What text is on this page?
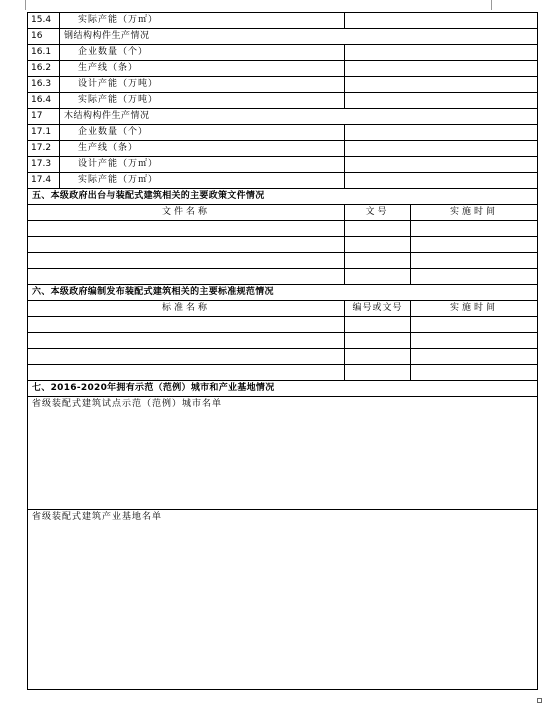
15.4	实际产能（万㎡）		
16	钢结构构件生产情况		
16.1	企业数量（个）		
16.2	生产线（条）		
16.3	设计产能（万吨）		
16.4	实际产能（万吨）		
17	木结构构件生产情况		
17.1	企业数量（个）		
17.2	生产线（条）		
17.3	设计产能（万㎡）		
17.4	实际产能（万㎡）		
五、本级政府出台与装配式建筑相关的主要政策文件情况			
文件名称		文号	实施时间

六、本级政府编制发布装配式建筑相关的主要标准规范情况			
标准名称		编号或文号	实施时间

七、2016-2020年拥有示范（范例）城市和产业基地情况			
省级装配式建筑试点示范（范例）城市名单			
省级装配式建筑产业基地名单			
